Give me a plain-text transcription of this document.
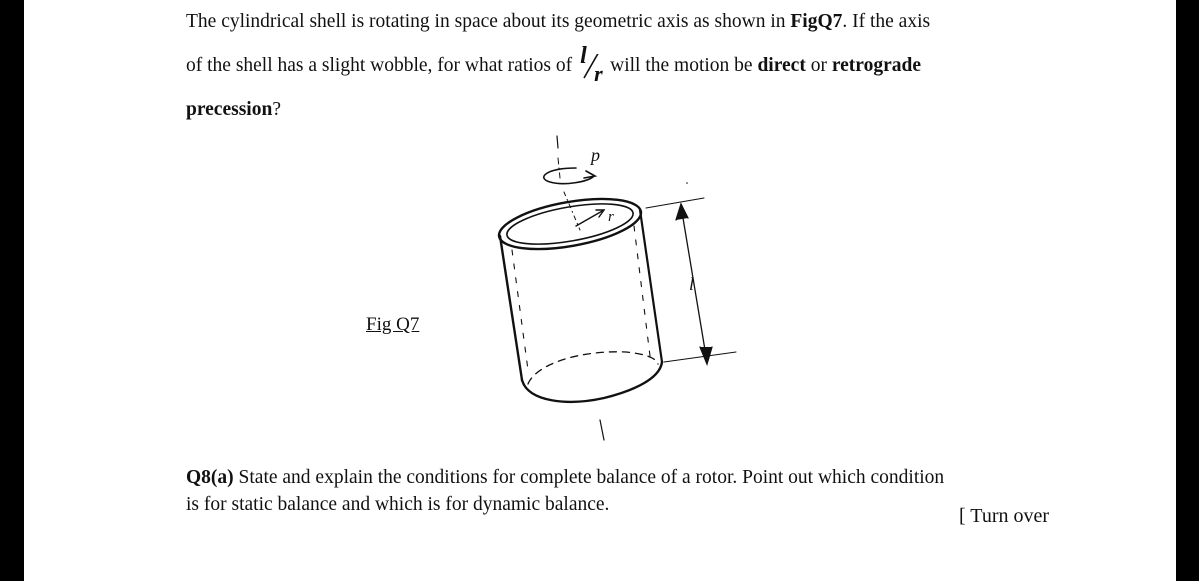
The cylindrical shell is rotating in space about its geometric axis as shown in FigQ7. If the axis
of the shell has a slight wobble, for what ratios of l
r will the motion be direct or retrograde
precession?
Fig Q7
p
r
l
Q8(a) State and explain the conditions for complete balance of a rotor. Point out which condition
is for static balance and which is for dynamic balance.
[ Turn over
